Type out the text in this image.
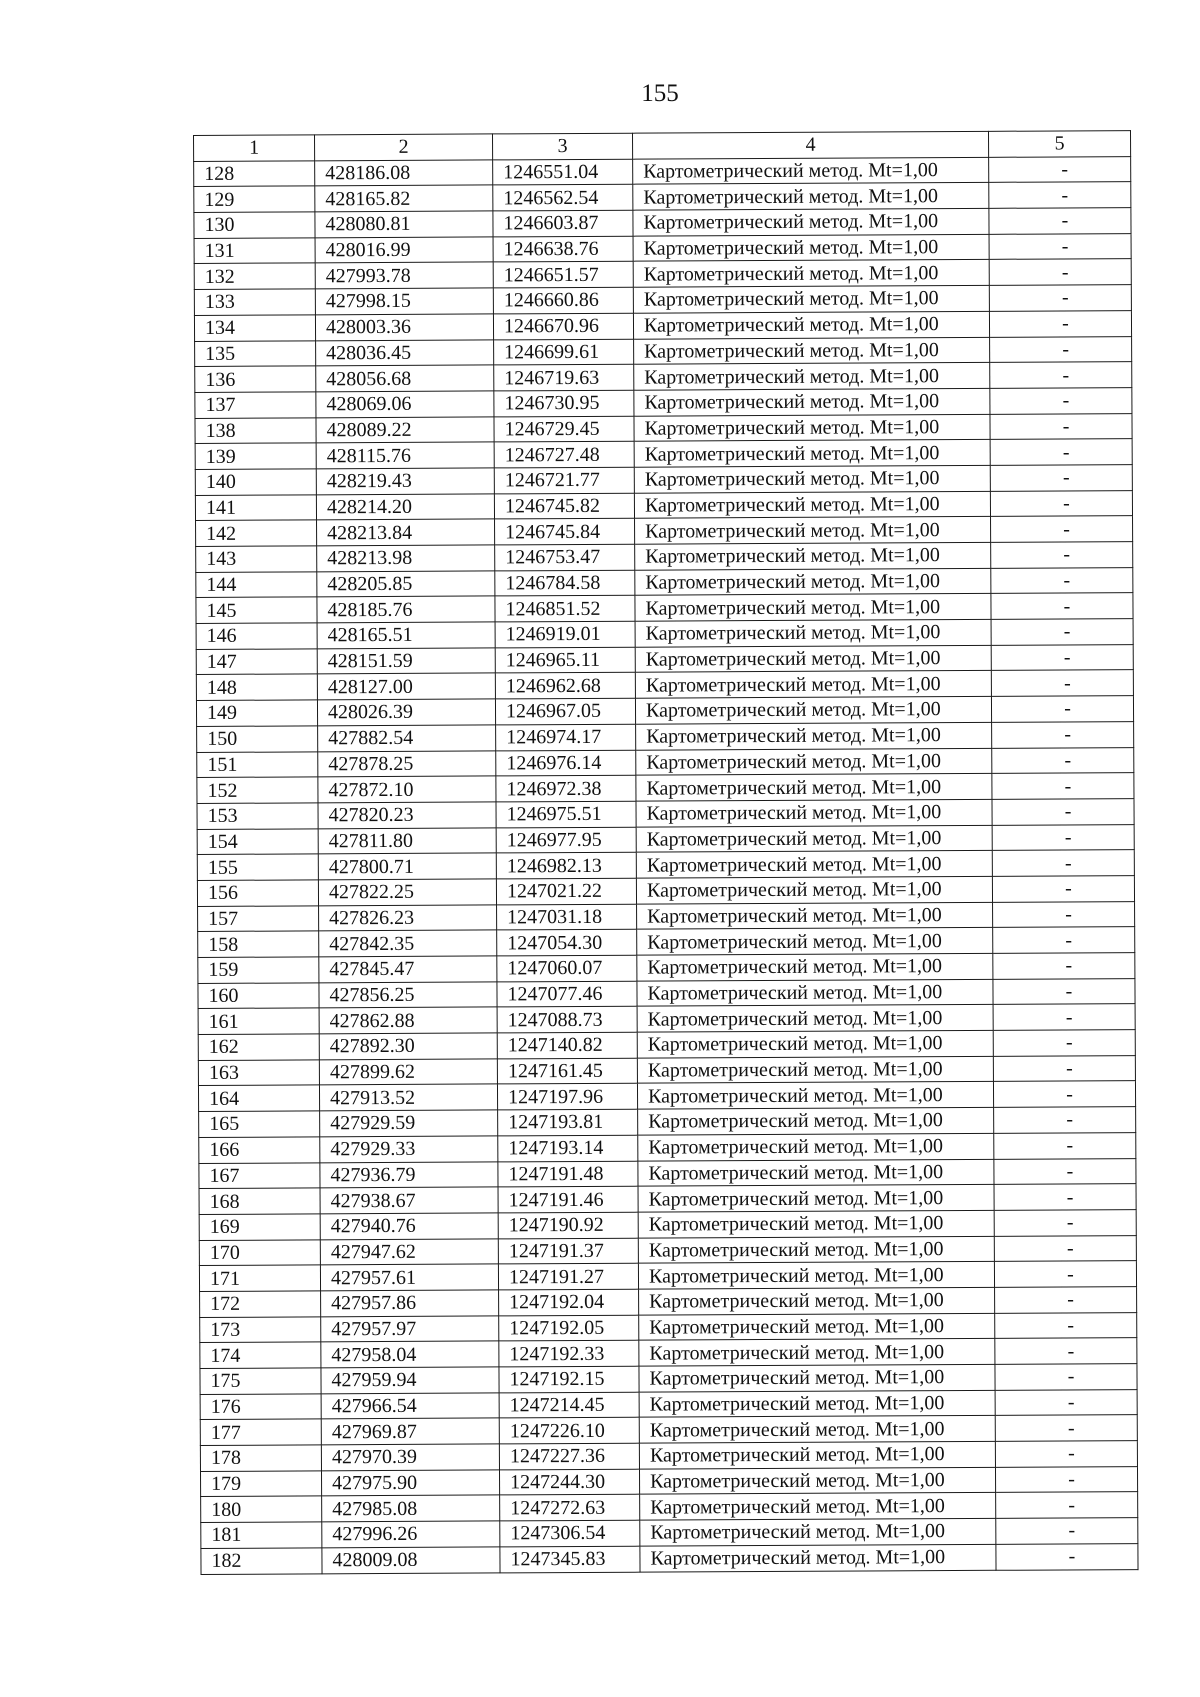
155
1	2	3	4	5
128	428186.08	1246551.04	Картометрический метод. Mt=1,00	-
129	428165.82	1246562.54	Картометрический метод. Mt=1,00	-
130	428080.81	1246603.87	Картометрический метод. Mt=1,00	-
131	428016.99	1246638.76	Картометрический метод. Mt=1,00	-
132	427993.78	1246651.57	Картометрический метод. Mt=1,00	-
133	427998.15	1246660.86	Картометрический метод. Mt=1,00	-
134	428003.36	1246670.96	Картометрический метод. Mt=1,00	-
135	428036.45	1246699.61	Картометрический метод. Mt=1,00	-
136	428056.68	1246719.63	Картометрический метод. Mt=1,00	-
137	428069.06	1246730.95	Картометрический метод. Mt=1,00	-
138	428089.22	1246729.45	Картометрический метод. Mt=1,00	-
139	428115.76	1246727.48	Картометрический метод. Mt=1,00	-
140	428219.43	1246721.77	Картометрический метод. Mt=1,00	-
141	428214.20	1246745.82	Картометрический метод. Mt=1,00	-
142	428213.84	1246745.84	Картометрический метод. Mt=1,00	-
143	428213.98	1246753.47	Картометрический метод. Mt=1,00	-
144	428205.85	1246784.58	Картометрический метод. Mt=1,00	-
145	428185.76	1246851.52	Картометрический метод. Mt=1,00	-
146	428165.51	1246919.01	Картометрический метод. Mt=1,00	-
147	428151.59	1246965.11	Картометрический метод. Mt=1,00	-
148	428127.00	1246962.68	Картометрический метод. Mt=1,00	-
149	428026.39	1246967.05	Картометрический метод. Mt=1,00	-
150	427882.54	1246974.17	Картометрический метод. Mt=1,00	-
151	427878.25	1246976.14	Картометрический метод. Mt=1,00	-
152	427872.10	1246972.38	Картометрический метод. Mt=1,00	-
153	427820.23	1246975.51	Картометрический метод. Mt=1,00	-
154	427811.80	1246977.95	Картометрический метод. Mt=1,00	-
155	427800.71	1246982.13	Картометрический метод. Mt=1,00	-
156	427822.25	1247021.22	Картометрический метод. Mt=1,00	-
157	427826.23	1247031.18	Картометрический метод. Mt=1,00	-
158	427842.35	1247054.30	Картометрический метод. Mt=1,00	-
159	427845.47	1247060.07	Картометрический метод. Mt=1,00	-
160	427856.25	1247077.46	Картометрический метод. Mt=1,00	-
161	427862.88	1247088.73	Картометрический метод. Mt=1,00	-
162	427892.30	1247140.82	Картометрический метод. Mt=1,00	-
163	427899.62	1247161.45	Картометрический метод. Mt=1,00	-
164	427913.52	1247197.96	Картометрический метод. Mt=1,00	-
165	427929.59	1247193.81	Картометрический метод. Mt=1,00	-
166	427929.33	1247193.14	Картометрический метод. Mt=1,00	-
167	427936.79	1247191.48	Картометрический метод. Mt=1,00	-
168	427938.67	1247191.46	Картометрический метод. Mt=1,00	-
169	427940.76	1247190.92	Картометрический метод. Mt=1,00	-
170	427947.62	1247191.37	Картометрический метод. Mt=1,00	-
171	427957.61	1247191.27	Картометрический метод. Mt=1,00	-
172	427957.86	1247192.04	Картометрический метод. Mt=1,00	-
173	427957.97	1247192.05	Картометрический метод. Mt=1,00	-
174	427958.04	1247192.33	Картометрический метод. Mt=1,00	-
175	427959.94	1247192.15	Картометрический метод. Mt=1,00	-
176	427966.54	1247214.45	Картометрический метод. Mt=1,00	-
177	427969.87	1247226.10	Картометрический метод. Mt=1,00	-
178	427970.39	1247227.36	Картометрический метод. Mt=1,00	-
179	427975.90	1247244.30	Картометрический метод. Mt=1,00	-
180	427985.08	1247272.63	Картометрический метод. Mt=1,00	-
181	427996.26	1247306.54	Картометрический метод. Mt=1,00	-
182	428009.08	1247345.83	Картометрический метод. Mt=1,00	-
